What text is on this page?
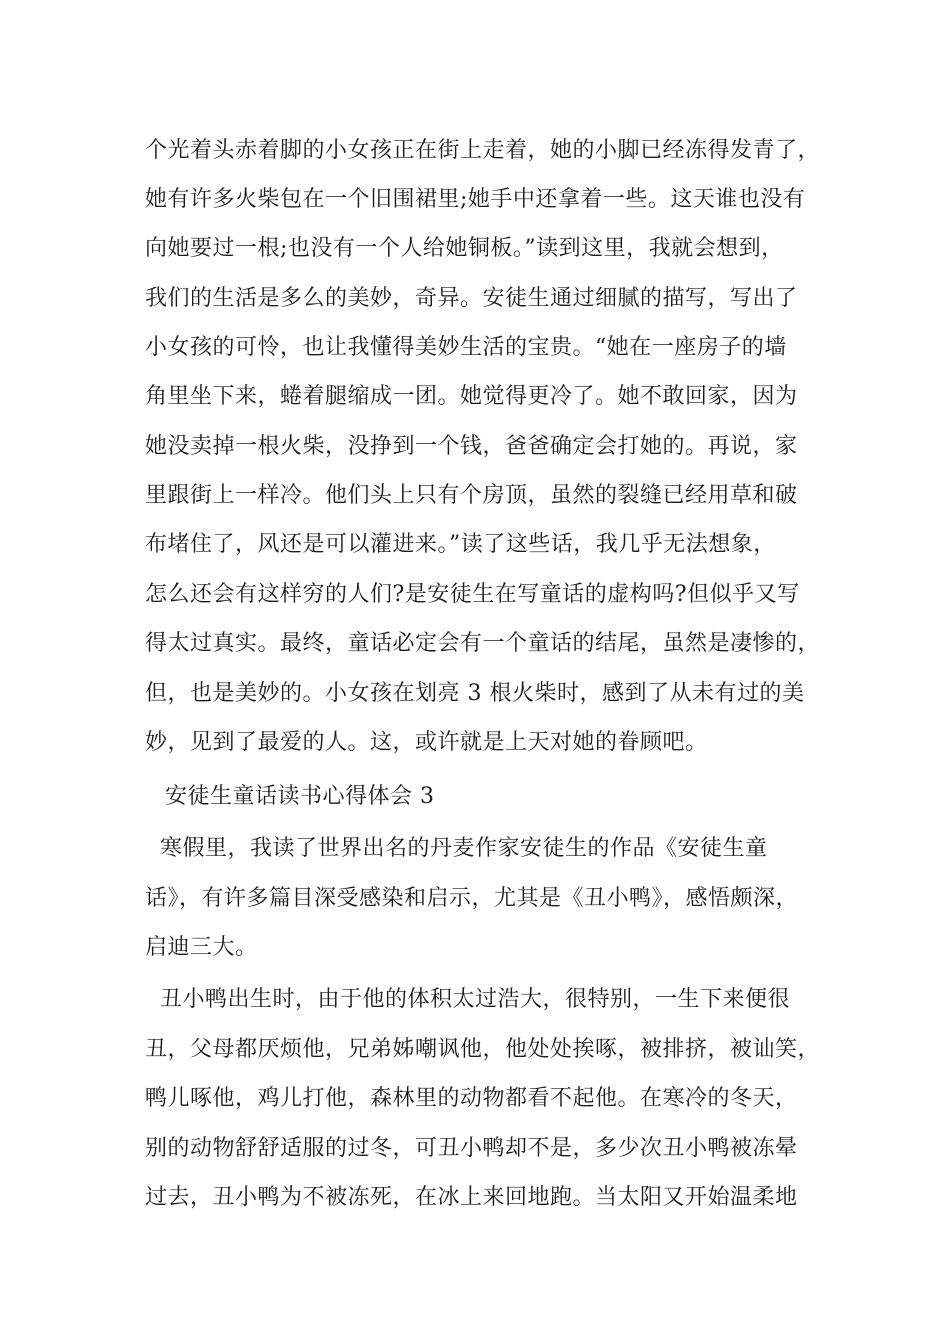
个光着头赤着脚的小女孩正在街上走着，她的小脚已经冻得发青了，
她有许多火柴包在一个旧围裙里;她手中还拿着一些。这天谁也没有
向她要过一根;也没有一个人给她铜板。”读到这里，我就会想到，
我们的生活是多么的美妙，奇异。安徒生通过细腻的描写，写出了
小女孩的可怜，也让我懂得美妙生活的宝贵。“她在一座房子的墙
角里坐下来，蜷着腿缩成一团。她觉得更冷了。她不敢回家，因为
她没卖掉一根火柴，没挣到一个钱，爸爸确定会打她的。再说，家
里跟街上一样冷。他们头上只有个房顶，虽然的裂缝已经用草和破
布堵住了，风还是可以灌进来。”读了这些话，我几乎无法想象，
怎么还会有这样穷的人们?是安徒生在写童话的虚构吗?但似乎又写
得太过真实。最终，童话必定会有一个童话的结尾，虽然是凄惨的，
但，也是美妙的。小女孩在划亮 3 根火柴时，感到了从未有过的美
妙，见到了最爱的人。这，或许就是上天对她的眷顾吧。
安徒生童话读书心得体会 3
寒假里，我读了世界出名的丹麦作家安徒生的作品《安徒生童
话》，有许多篇目深受感染和启示，尤其是《丑小鸭》，感悟颇深，
启迪三大。
丑小鸭出生时，由于他的体积太过浩大，很特别，一生下来便很
丑，父母都厌烦他，兄弟姊嘲讽他，他处处挨啄，被排挤，被讪笑，
鸭儿啄他，鸡儿打他，森林里的动物都看不起他。在寒冷的冬天，
别的动物舒舒适服的过冬，可丑小鸭却不是，多少次丑小鸭被冻晕
过去，丑小鸭为不被冻死，在冰上来回地跑。当太阳又开始温柔地
